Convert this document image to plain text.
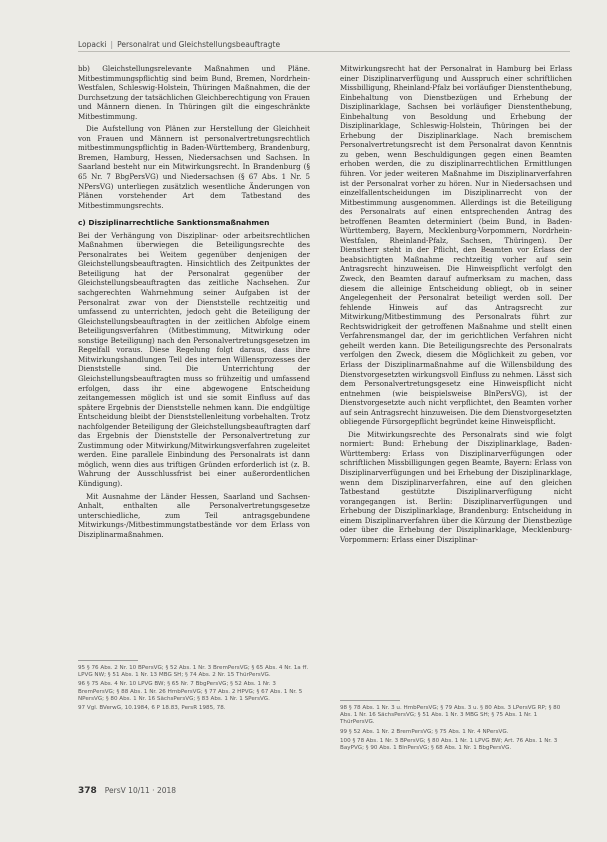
Lopacki | Personalrat und Gleichstellungsbeauftragte

bb) Gleichstellungsrelevante Maßnahmen und Pläne. Mitbestimmungspflichtig sind beim Bund, Bremen, Nordrhein-Westfalen, Schleswig-Holstein, Thüringen Maßnahmen, die der Durchsetzung der tatsächlichen Gleichberechtigung von Frauen und Männern dienen. In Thüringen gilt die eingeschränkte Mitbestimmung.

Die Aufstellung von Plänen zur Herstellung der Gleichheit von Frauen und Männern ist personalvertretungsrechtlich mitbestimmungspflichtig in Baden-Württemberg, Brandenburg, Bremen, Hamburg, Hessen, Niedersachsen und Sachsen. In Saarland besteht nur ein Mitwirkungsrecht. In Brandenburg (§ 65 Nr. 7 BbgPersVG) und Niedersachsen (§ 67 Abs. 1 Nr. 5 NPersVG) unterliegen zusätzlich wesentliche Änderungen von Plänen vorstehender Art dem Tatbestand des Mitbestimmungsrechts.

c) Disziplinarrechtliche Sanktionsmaßnahmen

Bei der Verhängung von Disziplinar- oder arbeitsrechtlichen Maßnahmen überwiegen die Beteiligungsrechte des Personalrates bei Weitem gegenüber denjenigen der Gleichstellungsbeauftragten. Hinsichtlich des Zeitpunktes der Beteiligung hat der Personalrat gegenüber der Gleichstellungsbeauftragten das zeitliche Nachsehen. Zur sachgerechten Wahrnehmung seiner Aufgaben ist der Personalrat zwar von der Dienststelle rechtzeitig und umfassend zu unterrichten, jedoch geht die Beteiligung der Gleichstellungsbeauftragten in der zeitlichen Abfolge einem Beteiligungsverfahren (Mitbestimmung, Mitwirkung oder sonstige Beteiligung) nach den Personalvertretungsgesetzen im Regelfall voraus. Diese Regelung folgt daraus, dass ihre Mitwirkungshandlungen Teil des internen Willensprozesses der Dienststelle sind. Die Unterrichtung der Gleichstellungsbeauftragten muss so frühzeitig und umfassend erfolgen, dass ihr eine abgewogene Entscheidung zeitangemessen möglich ist und sie somit Einfluss auf das spätere Ergebnis der Dienststelle nehmen kann. Die endgültige Entscheidung bleibt der Dienststellenleitung vorbehalten. Trotz nachfolgender Beteiligung der Gleichstellungsbeauftragten darf das Ergebnis der Dienststelle der Personalvertretung zur Zustimmung oder Mitwirkung/Mitwirkungsverfahren zugeleitet werden. Eine parallele Einbindung des Personalrats ist dann möglich, wenn dies aus triftigen Gründen erforderlich ist (z. B. Wahrung der Ausschlussfrist bei einer außerordentlichen Kündigung).

Mit Ausnahme der Länder Hessen, Saarland und Sachsen-Anhalt, enthalten alle Personalvertretungsgesetze unterschiedliche, zum Teil antragsgebundene Mitwirkungs-/Mitbestimmungstatbestände vor dem Erlass von Disziplinarmaßnahmen.

95 § 76 Abs. 2 Nr. 10 BPersVG; § 52 Abs. 1 Nr. 3 BremPersVG; § 65 Abs. 4 Nr. 1a ff. LPVG NW; § 51 Abs. 1 Nr. 13 MBG SH; § 74 Abs. 2 Nr. 15 ThürPersVG.

96 § 75 Abs. 4 Nr. 10 LPVG BW; § 65 Nr. 7 BbgPersVG; § 52 Abs. 1 Nr. 3 BremPersVG; § 88 Abs. 1 Nr. 26 HmbPersVG; § 77 Abs. 2 HPVG; § 67 Abs. 1 Nr. 5 NPersVG; § 80 Abs. 1 Nr. 16 SächsPersVG; § 83 Abs. 1 Nr. 1 SPersVG.

97 Vgl. BVerwG, 10.1984, 6 P 18.83, PersR 1985, 78.

Mitwirkungsrecht hat der Personalrat in Hamburg bei Erlass einer Disziplinarverfügung und Ausspruch einer schriftlichen Missbilligung, Rheinland-Pfalz bei vorläufiger Dienstenthebung, Einbehaltung von Dienstbezügen und Erhebung der Disziplinarklage, Sachsen bei vorläufiger Dienstenthebung, Einbehaltung von Besoldung und Erhebung der Disziplinarklage, Schleswig-Holstein, Thüringen bei der Erhebung der Disziplinarklage. Nach bremischem Personalvertretungsrecht ist dem Personalrat davon Kenntnis zu geben, wenn Beschuldigungen gegen einen Beamten erhoben werden, die zu disziplinarrechtlichen Ermittlungen führen. Vor jeder weiteren Maßnahme im Disziplinarverfahren ist der Personalrat vorher zu hören. Nur in Niedersachsen und einzelfallentscheidungen im Disziplinarrecht von der Mitbestimmung ausgenommen. Allerdings ist die Beteiligung des Personalrats auf einen entsprechenden Antrag des betroffenen Beamten determiniert (beim Bund, in Baden-Württemberg, Bayern, Mecklenburg-Vorpommern, Nordrhein-Westfalen, Rheinland-Pfalz, Sachsen, Thüringen). Der Dienstherr steht in der Pflicht, den Beamten vor Erlass der beabsichtigten Maßnahme rechtzeitig vorher auf sein Antragsrecht hinzuweisen. Die Hinweispflicht verfolgt den Zweck, den Beamten darauf aufmerksam zu machen, dass diesem die alleinige Entscheidung obliegt, ob in seiner Angelegenheit der Personalrat beteiligt werden soll. Der fehlende Hinweis auf das Antragsrecht zur Mitwirkung/Mitbestimmung des Personalrats führt zur Rechtswidrigkeit der getroffenen Maßnahme und stellt einen Verfahrensmangel dar, der im gerichtlichen Verfahren nicht geheilt werden kann. Die Beteiligungsrechte des Personalrats verfolgen den Zweck, diesem die Möglichkeit zu geben, vor Erlass der Disziplinarmaßnahme auf die Willensbildung des Dienstvorgesetzten wirkungsvoll Einfluss zu nehmen. Lässt sich dem Personalvertretungsgesetz eine Hinweispflicht nicht entnehmen (wie beispielsweise BlnPersVG), ist der Dienstvorgesetzte auch nicht verpflichtet, den Beamten vorher auf sein Antragsrecht hinzuweisen. Die dem Dienstvorgesetzten obliegende Fürsorgepflicht begründet keine Hinweispflicht.

Die Mitwirkungsrechte des Personalrats sind wie folgt normiert: Bund: Erhebung der Disziplinarklage, Baden-Württemberg: Erlass von Disziplinarverfügungen oder schriftlichen Missbilligungen gegen Beamte, Bayern: Erlass von Disziplinarverfügungen und bei Erhebung der Disziplinarklage, wenn dem Disziplinarverfahren, eine auf den gleichen Tatbestand gestützte Disziplinarverfügung nicht vorangegangen ist. Berlin: Disziplinarverfügungen und Erhebung der Disziplinarklage, Brandenburg: Entscheidung in einem Disziplinarverfahren über die Kürzung der Dienstbezüge oder über die Erhebung der Disziplinarklage, Mecklenburg-Vorpommern: Erlass einer Disziplinar-

98 § 78 Abs. 1 Nr. 3 u. HmbPersVG; § 79 Abs. 3 u. § 80 Abs. 3 LPersVG RP; § 80 Abs. 1 Nr. 16 SächsPersVG; § 51 Abs. 1 Nr. 3 MBG SH; § 75 Abs. 1 Nr. 1 ThürPersVG.

99 § 52 Abs. 1 Nr. 2 BremPersVG; § 75 Abs. 1 Nr. 4 NPersVG.

100 § 78 Abs. 1 Nr. 3 BPersVG; § 80 Abs. 1 Nr. 1 LPVG BW; Art. 76 Abs. 1 Nr. 3 BayPVG; § 90 Abs. 1 BlnPersVG; § 68 Abs. 1 Nr. 1 BbgPersVG.

378 PersV 10/11 · 2018
